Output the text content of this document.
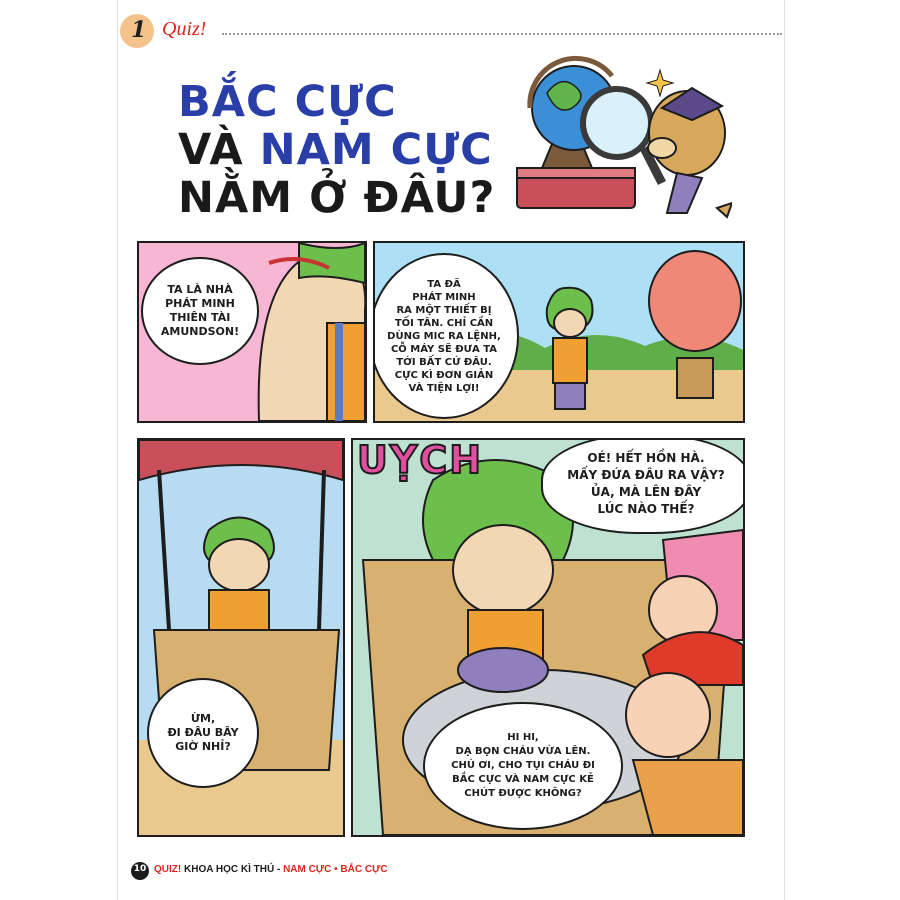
1 Quiz!
BẮC CỰC
VÀ NAM CỰC
NẰM Ở ĐÂU?
TA LÀ NHÀ
PHÁT MINH
THIÊN TÀI
AMUNDSON!
TA ĐÃ
PHÁT MINH
RA MỘT THIẾT BỊ
TỐI TÂN. CHỈ CẦN
DÙNG MIC RA LỆNH,
CỖ MÁY SẼ ĐƯA TA
TỚI BẤT CỨ ĐÂU.
CỰC KÌ ĐƠN GIẢN
VÀ TIỆN LỢI!
ỪM,
ĐI ĐÂU BÂY
GIỜ NHỈ?
UỴCH	OÉ! HẾT HỒN HÀ.
MẤY ĐỨA ĐÂU RA VẬY?
ỦA, MÀ LÊN ĐÂY
LÚC NÀO THẾ?
HI HI,
DẠ BỌN CHÁU VỪA LÊN.
CHÚ ƠI, CHO TỤI CHÁU ĐI
BẮC CỰC VÀ NAM CỰC KẺ
CHÚT ĐƯỢC KHÔNG?
10 QUIZ! KHOA HỌC KÌ THÚ - NAM CỰC • BẮC CỰC
